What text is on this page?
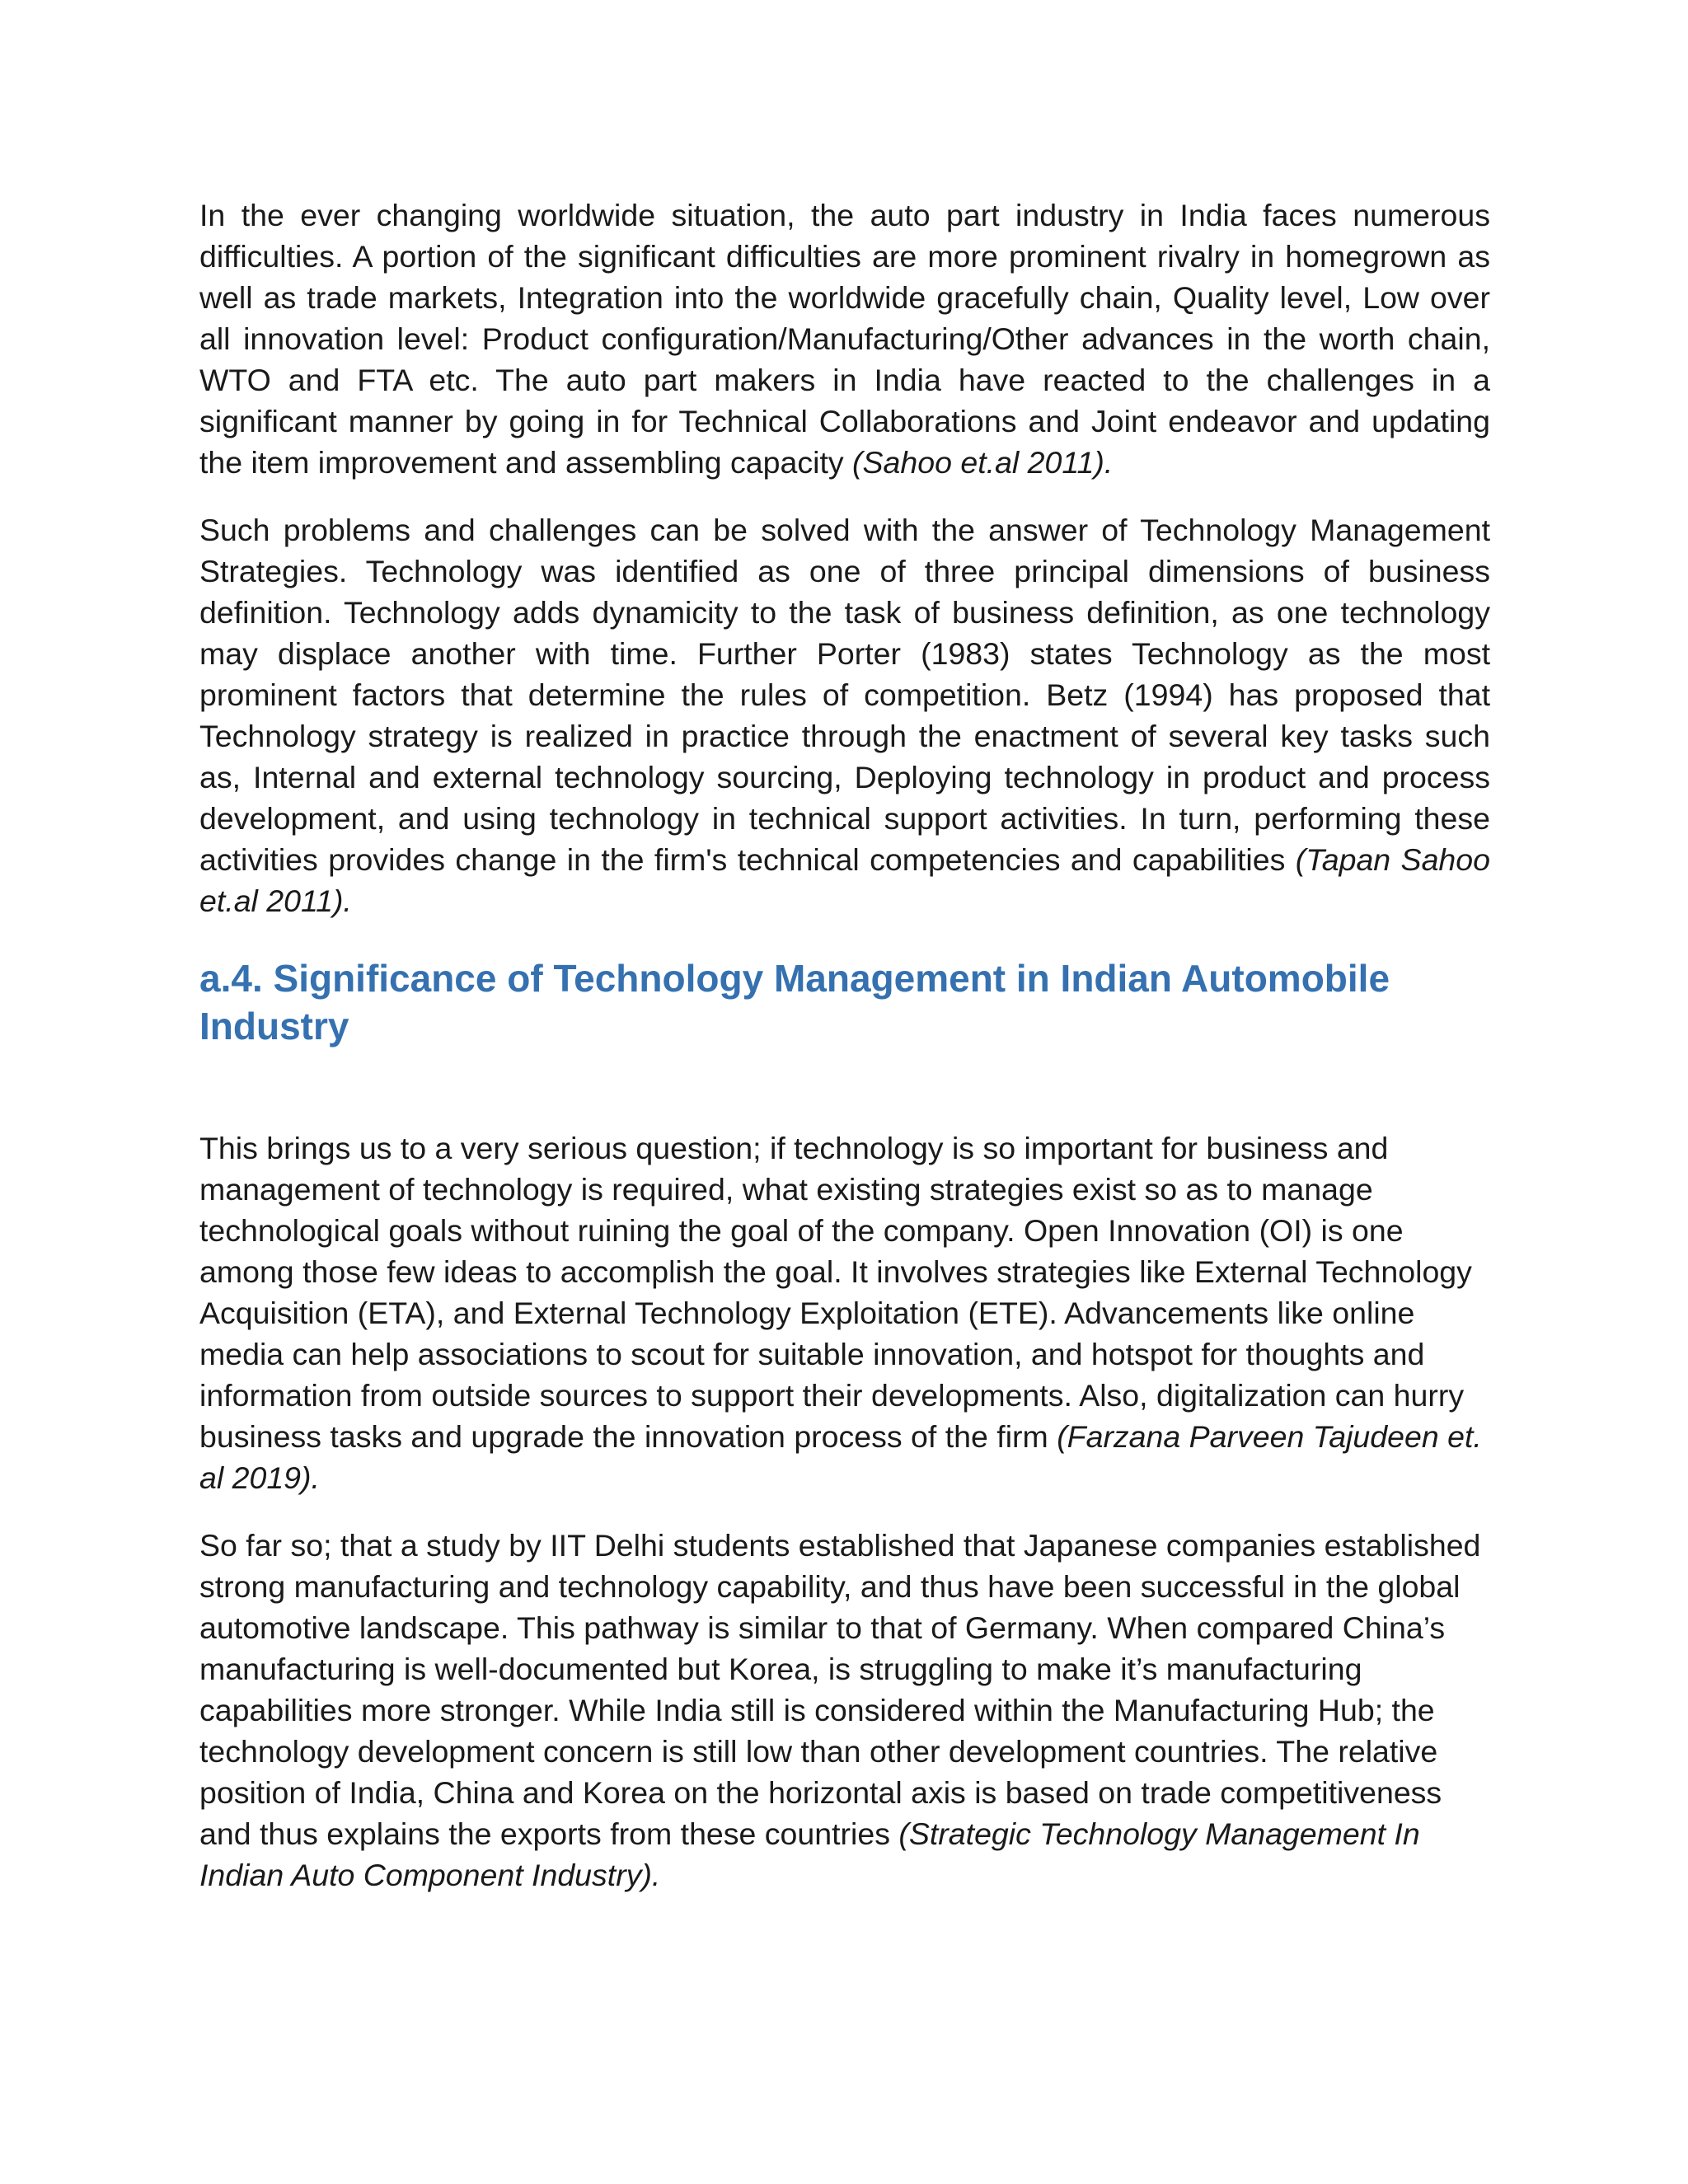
In the ever changing worldwide situation, the auto part industry in India faces numerous difficulties. A portion of the significant difficulties are more prominent rivalry in homegrown as well as trade markets, Integration into the worldwide gracefully chain, Quality level, Low over all innovation level: Product configuration/Manufacturing/Other advances in the worth chain, WTO and FTA etc. The auto part makers in India have reacted to the challenges in a significant manner by going in for Technical Collaborations and Joint endeavor and updating the item improvement and assembling capacity (Sahoo et.al 2011).

Such problems and challenges can be solved with the answer of Technology Management Strategies. Technology was identified as one of three principal dimensions of business definition. Technology adds dynamicity to the task of business definition, as one technology may displace another with time. Further Porter (1983) states Technology as the most prominent factors that determine the rules of competition. Betz (1994) has proposed that Technology strategy is realized in practice through the enactment of several key tasks such as, Internal and external technology sourcing, Deploying technology in product and process development, and using technology in technical support activities. In turn, performing these activities provides change in the firm's technical competencies and capabilities (Tapan Sahoo et.al 2011).

a.4. Significance of Technology Management in Indian Automobile Industry

This brings us to a very serious question; if technology is so important for business and management of technology is required, what existing strategies exist so as to manage technological goals without ruining the goal of the company. Open Innovation (OI) is one among those few ideas to accomplish the goal. It involves strategies like External Technology Acquisition (ETA), and External Technology Exploitation (ETE). Advancements like online media can help associations to scout for suitable innovation, and hotspot for thoughts and information from outside sources to support their developments. Also, digitalization can hurry business tasks and upgrade the innovation process of the firm (Farzana Parveen Tajudeen et. al 2019).

So far so; that a study by IIT Delhi students established that Japanese companies established strong manufacturing and technology capability, and thus have been successful in the global automotive landscape. This pathway is similar to that of Germany. When compared China’s manufacturing is well-documented but Korea, is struggling to make it’s manufacturing capabilities more stronger. While India still is considered within the Manufacturing Hub; the technology development concern is still low than other development countries. The relative position of India, China and Korea on the horizontal axis is based on trade competitiveness and thus explains the exports from these countries (Strategic Technology Management In Indian Auto Component Industry).
